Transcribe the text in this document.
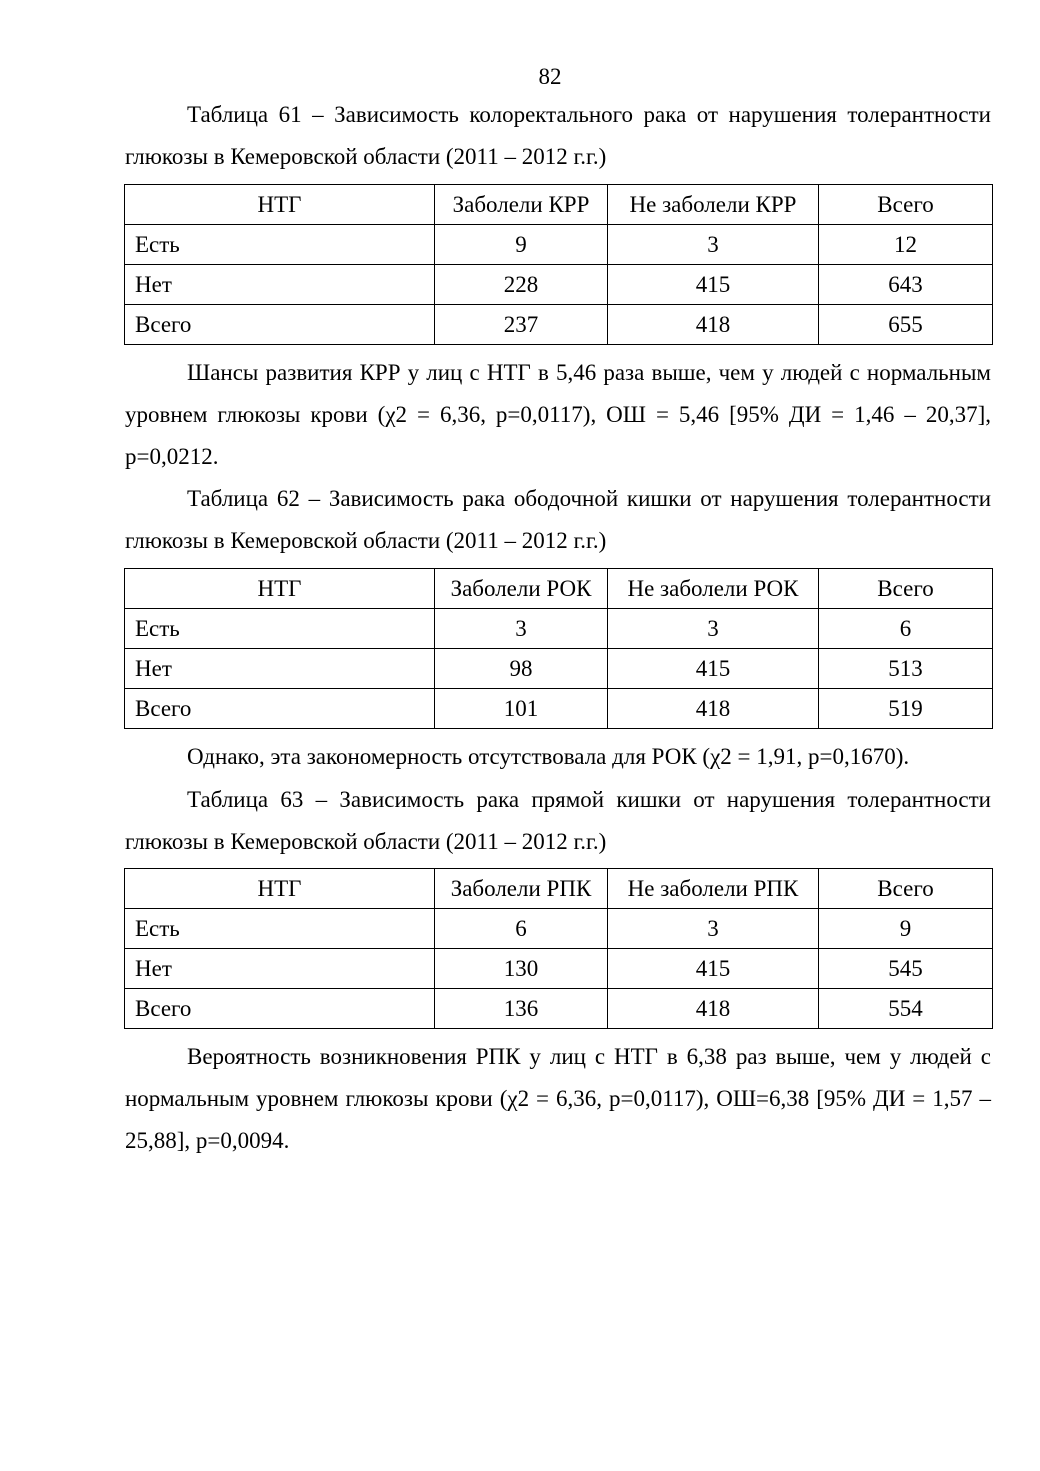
82

Таблица 61 – Зависимость колоректального рака от нарушения толерантности глюкозы в Кемеровской области (2011 – 2012 г.г.)

НТГ	Заболели КРР	Не заболели КРР	Всего
Есть	9	3	12
Нет	228	415	643
Всего	237	418	655

Шансы развития КРР у лиц с НТГ в 5,46 раза выше, чем у людей с нормальным уровнем глюкозы крови (χ2 = 6,36, p=0,0117), ОШ = 5,46 [95% ДИ = 1,46 – 20,37], p=0,0212.

Таблица 62 – Зависимость рака ободочной кишки от нарушения толерантности глюкозы в Кемеровской области (2011 – 2012 г.г.)

НТГ	Заболели РОК	Не заболели РОК	Всего
Есть	3	3	6
Нет	98	415	513
Всего	101	418	519

Однако, эта закономерность отсутствовала для РОК (χ2 = 1,91, p=0,1670).

Таблица 63 – Зависимость рака прямой кишки от нарушения толерантности глюкозы в Кемеровской области (2011 – 2012 г.г.)

НТГ	Заболели РПК	Не заболели РПК	Всего
Есть	6	3	9
Нет	130	415	545
Всего	136	418	554

Вероятность возникновения РПК у лиц с НТГ в 6,38 раз выше, чем у людей с нормальным уровнем глюкозы крови (χ2 = 6,36, p=0,0117), ОШ=6,38 [95% ДИ = 1,57 – 25,88], p=0,0094.
